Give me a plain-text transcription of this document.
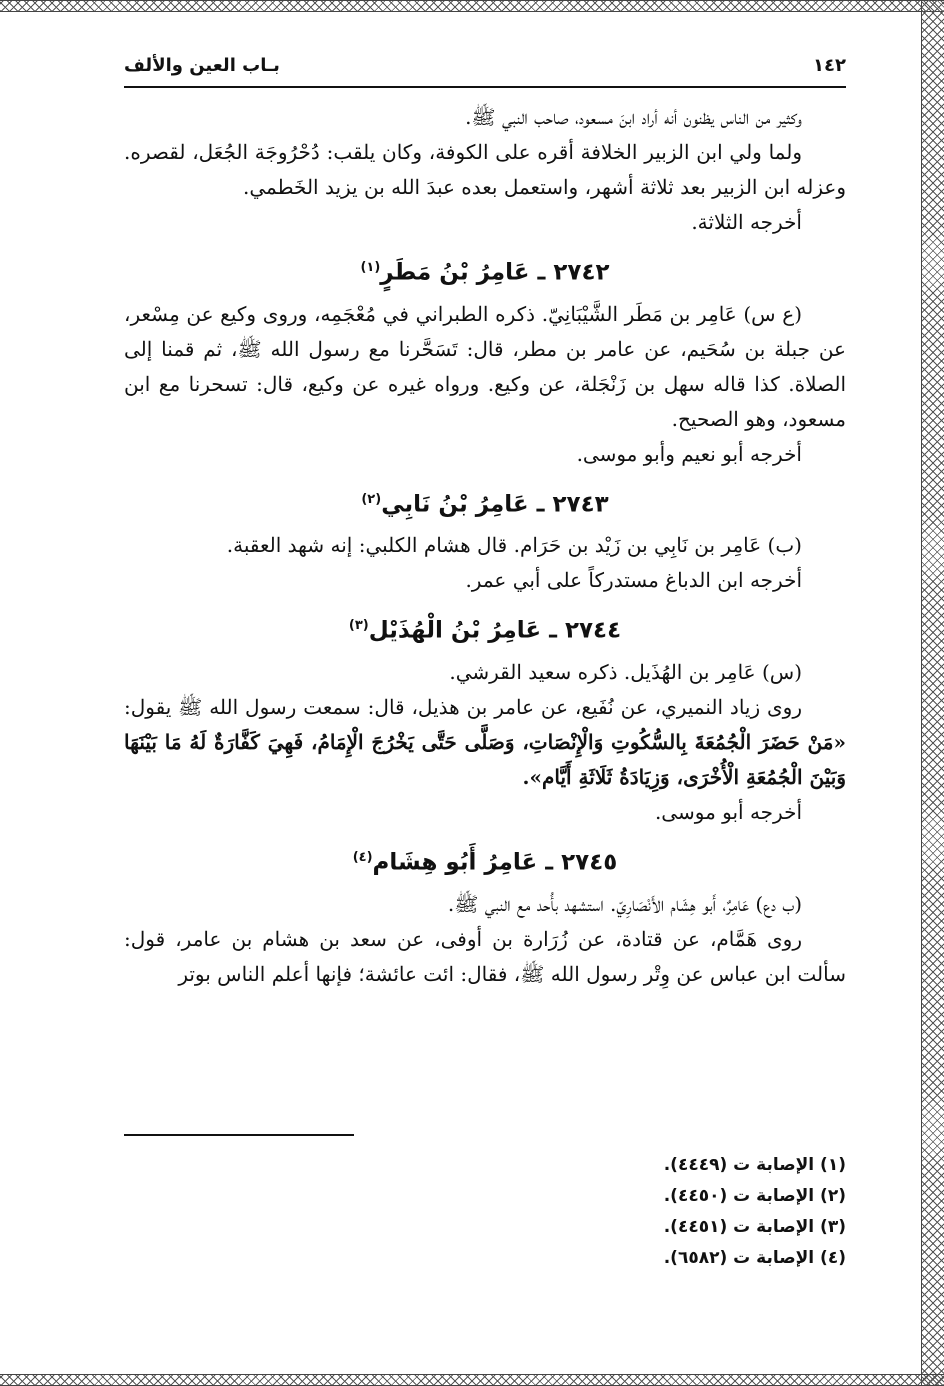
١٤٢
بـاب العين والألف

وكثير من الناس يظنون أنه أراد ابنَ مسعود، صاحب النبي ﷺ.

ولما ولي ابن الزبير الخلافة أقره على الكوفة، وكان يلقب: دُحْرُوجَة الجُعَل، لقصره. وعزله ابن الزبير بعد ثلاثة أشهر، واستعمل بعده عبدَ الله بن يزيد الخَطمي.

أخرجه الثلاثة.

٢٧٤٢ ـ عَامِرُ بْنُ مَطَرٍ$^{(١)}$

(ع س) عَامِر بن مَطَر الشَّيْبَانِيّ. ذكره الطبراني في مُعْجَمِه، وروى وكيع عن مِسْعر، عن جبلة بن سُحَيم، عن عامر بن مطر، قال: تَسَحَّرنا مع رسول الله ﷺ، ثم قمنا إلى الصلاة. كذا قاله سهل بن زَنْجَلة، عن وكيع. ورواه غيره عن وكيع، قال: تسحرنا مع ابن مسعود، وهو الصحيح.

أخرجه أبو نعيم وأبو موسى.

٢٧٤٣ ـ عَامِرُ بْنُ نَابِي$^{(٢)}$

(ب) عَامِر بن نَابِي بن زَيْد بن حَرَام. قال هشام الكلبي: إنه شهد العقبة.

أخرجه ابن الدباغ مستدركاً على أبي عمر.

٢٧٤٤ ـ عَامِرُ بْنُ الْهُذَيْل$^{(٣)}$

(س) عَامِر بن الهُذَيل. ذكره سعيد القرشي.

روى زياد النميري، عن نُفَيع، عن عامر بن هذيل، قال: سمعت رسول الله ﷺ يقول: «مَنْ حَضَرَ الْجُمُعَةَ بِالسُّكُوتِ وَالْإِنْصَاتِ، وَصَلَّى حَتَّى يَخْرُجَ الْإِمَامُ، فَهِيَ كَفَّارَةٌ لَهُ مَا بَيْنَهَا وَبَيْنَ الْجُمُعَةِ الْأُخْرَى، وَزِيَادَةُ ثَلَاثَةِ أَيَّام».

أخرجه أبو موسى.

٢٧٤٥ ـ عَامِرُ أَبُو هِشَام$^{(٤)}$

(ب دع) عَامِرٌ، أَبو هِشَام الأَنْصَارِيّ. استشهد بأُحد مع النبي ﷺ.

روى هَمَّام، عن قتادة، عن زُرَارة بن أوفى، عن سعد بن هشام بن عامر، قول: سألت ابن عباس عن وِتْر رسول الله ﷺ، فقال: ائت عائشة؛ فإنها أعلم الناس بوتر

(١) الإصابة ت (٤٤٤٩).

(٢) الإصابة ت (٤٤٥٠).

(٣) الإصابة ت (٤٤٥١).

(٤) الإصابة ت (٦٥٨٢).
